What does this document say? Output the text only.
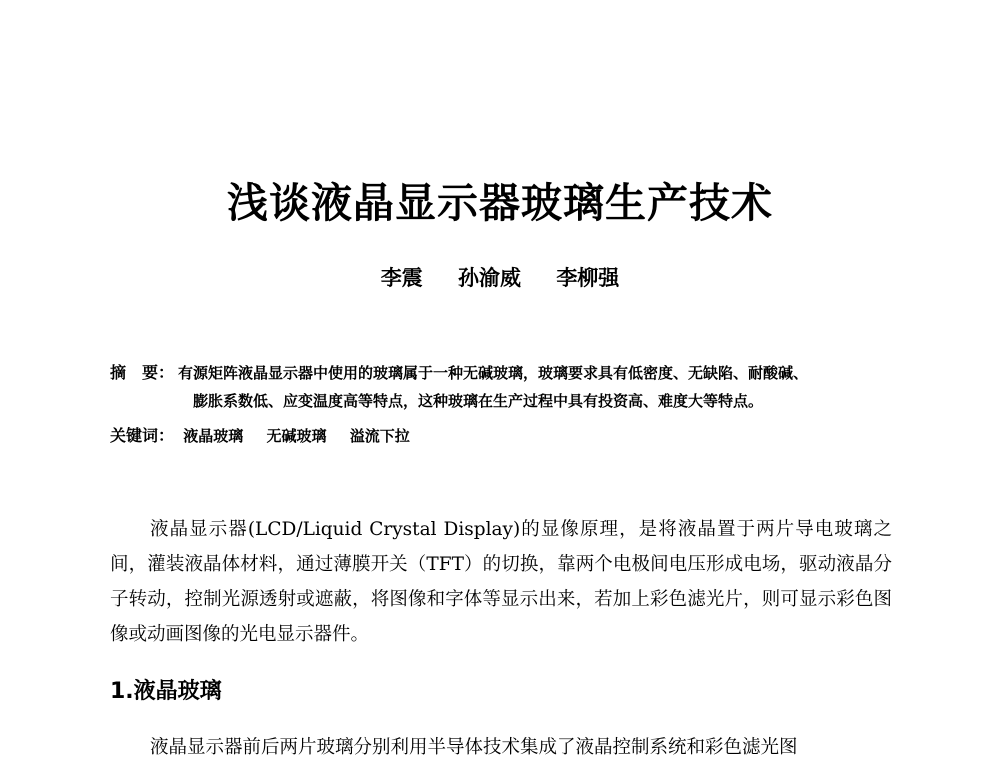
浅谈液晶显示器玻璃生产技术
李震 孙渝威 李柳强
摘　要： 有源矩阵液晶显示器中使用的玻璃属于一种无碱玻璃，玻璃要求具有低密度、无缺陷、耐酸碱、
膨胀系数低、应变温度高等特点，这种玻璃在生产过程中具有投资高、难度大等特点。
关键词： 液晶玻璃 无碱玻璃 溢流下拉

液晶显示器(LCD/Liquid Crystal Display)的显像原理，是将液晶置于两片导电玻璃之间，灌装液晶体材料，通过薄膜开关（TFT）的切换，靠两个电极间电压形成电场，驱动液晶分子转动，控制光源透射或遮蔽，将图像和字体等显示出来，若加上彩色滤光片，则可显示彩色图像或动画图像的光电显示器件。

1.液晶玻璃

液晶显示器前后两片玻璃分别利用半导体技术集成了液晶控制系统和彩色滤光图
